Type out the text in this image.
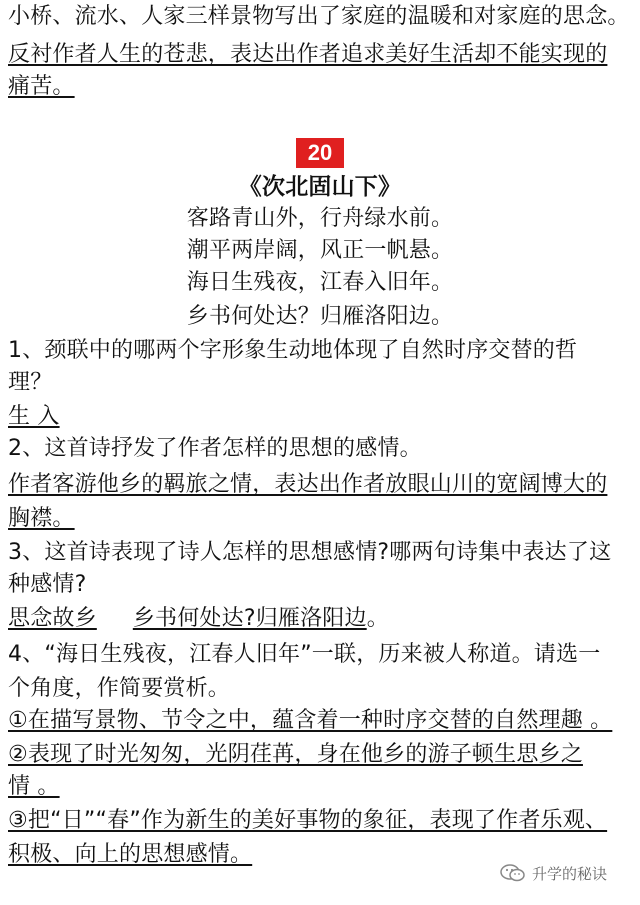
小桥、流水、人家三样景物写出了家庭的温暖和对家庭的思念。
反衬作者人生的苍悲，表达出作者追求美好生活却不能实现的
痛苦。
20
《次北固山下》
客路青山外，行舟绿水前。
潮平两岸阔，风正一帆悬。
海日生残夜，江春入旧年。
乡书何处达？归雁洛阳边。
1、颈联中的哪两个字形象生动地体现了自然时序交替的哲
理？
生 入
2、这首诗抒发了作者怎样的思想的感情。
作者客游他乡的羁旅之情，表达出作者放眼山川的宽阔博大的
胸襟。
3、这首诗表现了诗人怎样的思想感情?哪两句诗集中表达了这
种感情?
思念故乡 乡书何处达?归雁洛阳边。
4、“海日生残夜，江春人旧年”一联，历来被人称道。请选一
个角度，作简要赏析。
①在描写景物、节令之中，蕴含着一种时序交替的自然理趣 。
②表现了时光匆匆，光阴荏苒，身在他乡的游子顿生思乡之
情 。
③把“日”“春”作为新生的美好事物的象征，表现了作者乐观、
积极、向上的思想感情。
升学的秘诀
